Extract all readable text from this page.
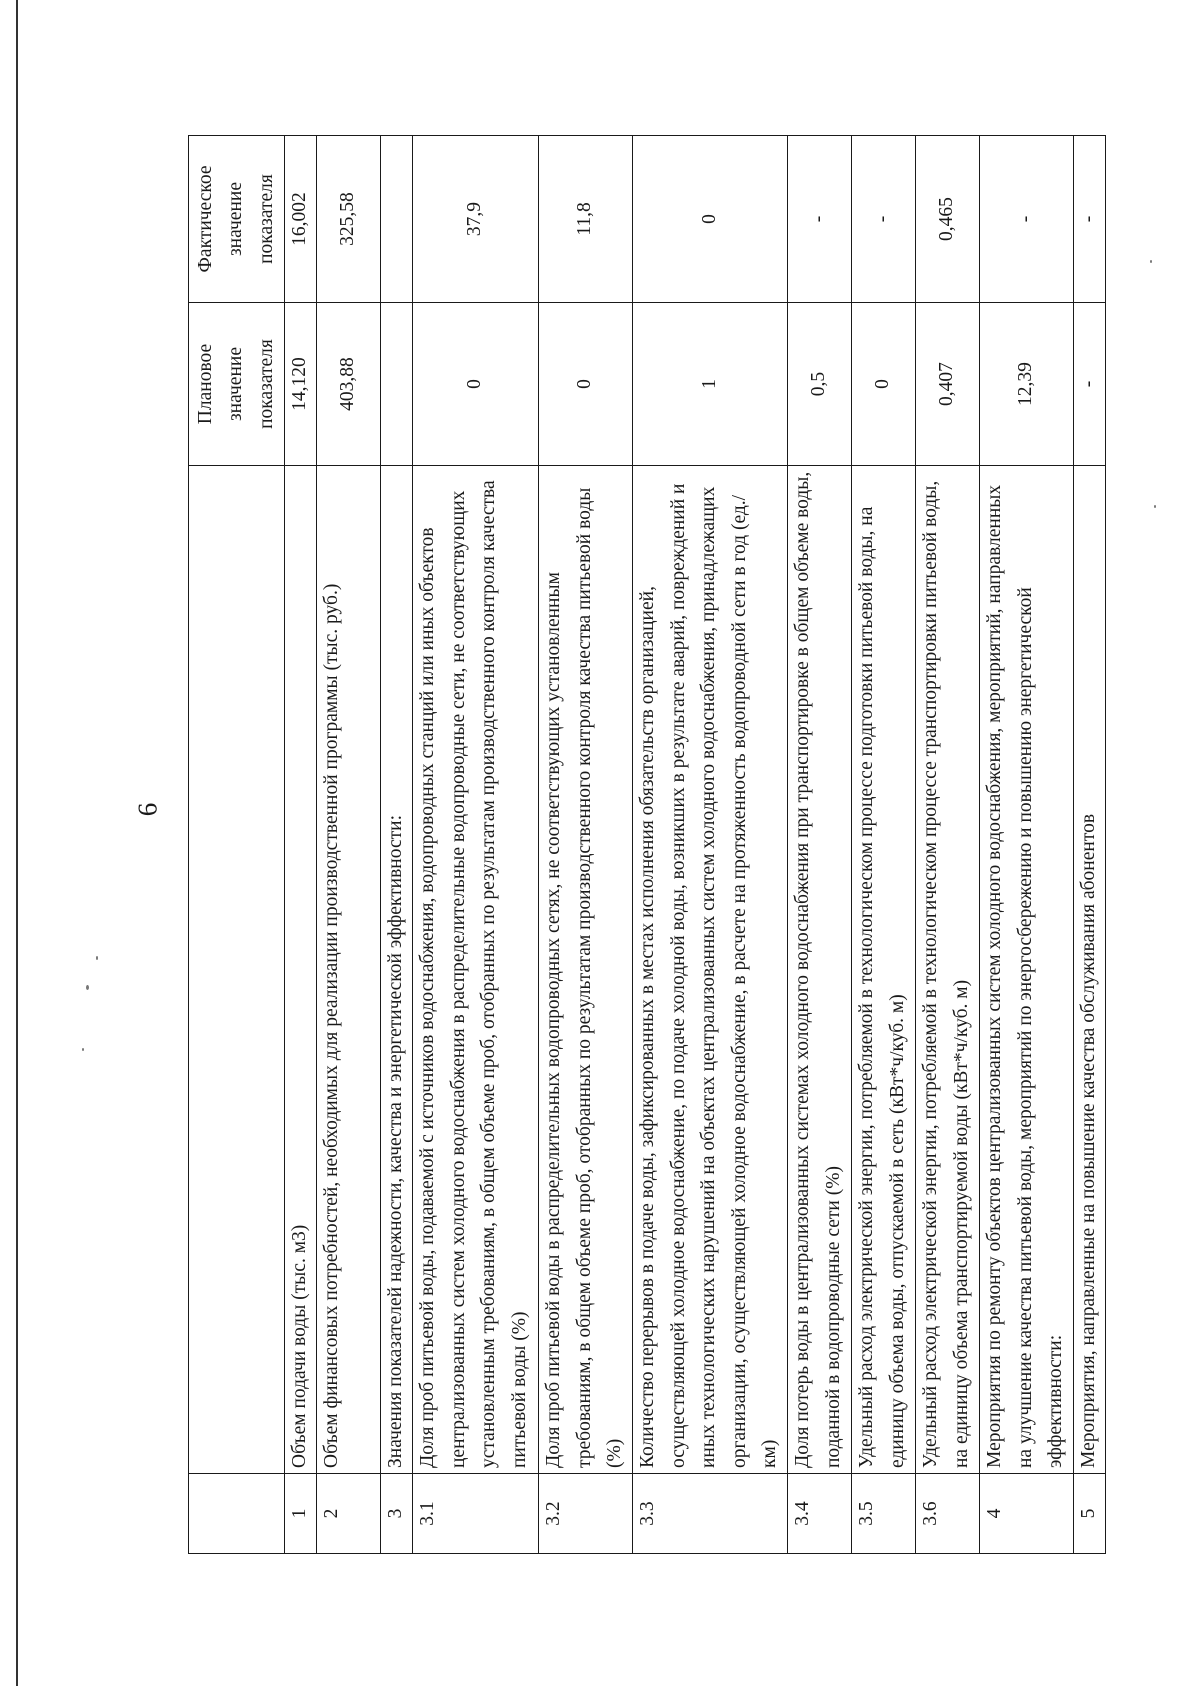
6
		Плановое значение показателя	Фактическое значение показателя
1	Объем подачи воды (тыс. м3)	14,120	16,002
2	Объем финансовых потребностей, необходимых для реализации производственной программы (тыс. руб.)	403,88	325,58
3	Значения показателей надежности, качества и энергетической эффективности:		
3.1	Доля проб питьевой воды, подаваемой с источников водоснабжения, водопроводных станций или иных объектов централизованных систем холодного водоснабжения в распределительные водопроводные сети, не соответствующих установленным требованиям, в общем объеме проб, отобранных по результатам производственного контроля качества питьевой воды (%)	0	37,9
3.2	Доля проб питьевой воды в распределительных водопроводных сетях, не соответствующих установленным требованиям, в общем объеме проб, отобранных по результатам производственного контроля качества питьевой воды (%)	0	11,8
3.3	Количество перерывов в подаче воды, зафиксированных в местах исполнения обязательств организацией, осуществляющей холодное водоснабжение, по подаче холодной воды, возникших в результате аварий, повреждений и иных технологических нарушений на объектах централизованных систем холодного водоснабжения, принадлежащих организации, осуществляющей холодное водоснабжение, в расчете на протяженность водопроводной сети в год (ед./км)	1	0
3.4	Доля потерь воды в централизованных системах холодного водоснабжения при транспортировке в общем объеме воды, поданной в водопроводные сети (%)	0,5	-
3.5	Удельный расход электрической энергии, потребляемой в технологическом процессе подготовки питьевой воды, на единицу объема воды, отпускаемой в сеть (кВт*ч/куб. м)	0	-
3.6	Удельный расход электрической энергии, потребляемой в технологическом процессе транспортировки питьевой воды, на единицу объема транспортируемой воды (кВт*ч/куб. м)	0,407	0,465
4	Мероприятия по ремонту объектов централизованных систем холодного водоснабжения, мероприятий, направленных на улучшение качества питьевой воды, мероприятий по энергосбережению и повышению энергетической эффективности:	12,39	-
5	Мероприятия, направленные на повышение качества обслуживания абонентов	-	-
